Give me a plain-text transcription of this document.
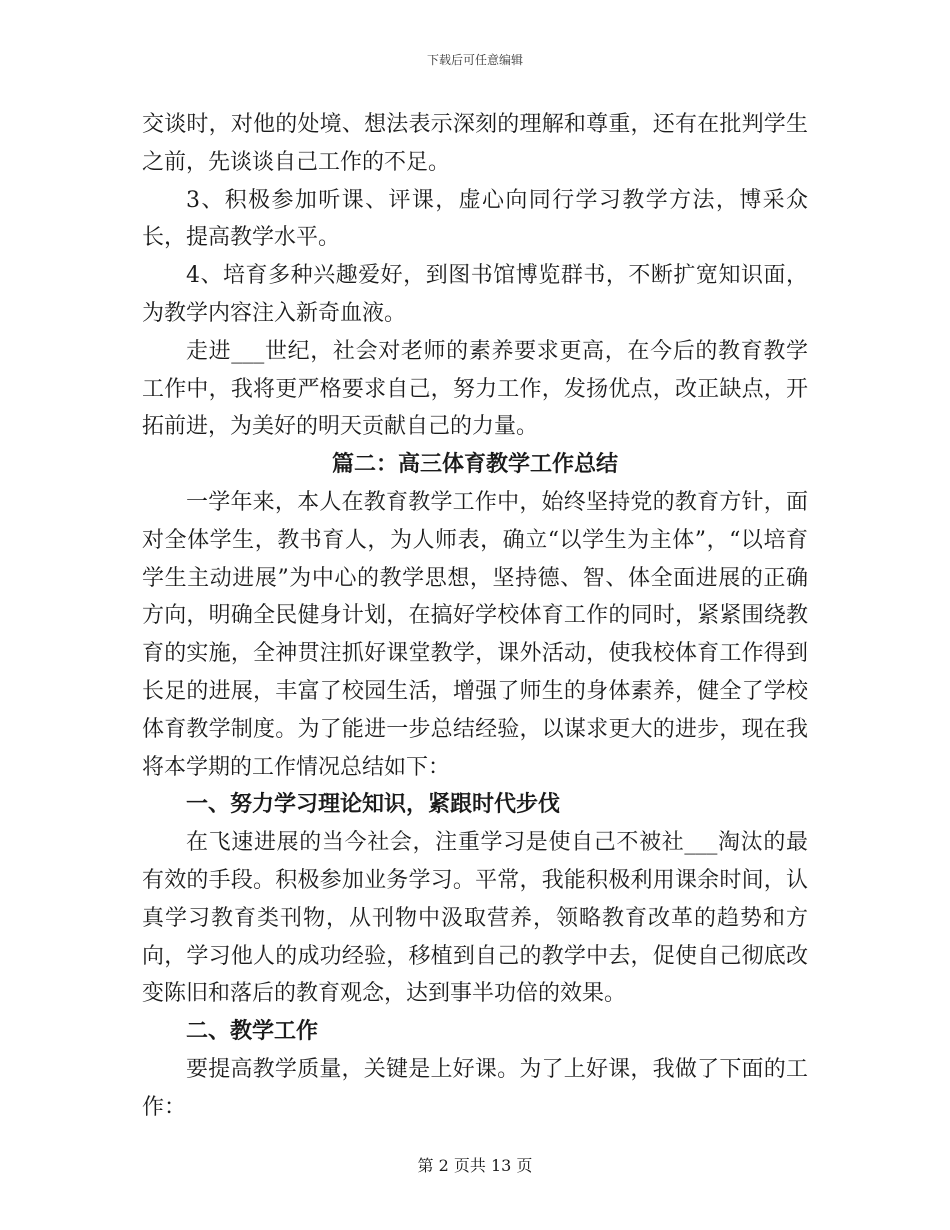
下载后可任意编辑

交谈时，对他的处境、想法表示深刻的理解和尊重，还有在批判学生之前，先谈谈自己工作的不足。

3、积极参加听课、评课，虚心向同行学习教学方法，博采众长，提高教学水平。

4、培育多种兴趣爱好，到图书馆博览群书，不断扩宽知识面，为教学内容注入新奇血液。

走进___世纪，社会对老师的素养要求更高，在今后的教育教学工作中，我将更严格要求自己，努力工作，发扬优点，改正缺点，开拓前进，为美好的明天贡献自己的力量。

篇二：高三体育教学工作总结

一学年来，本人在教育教学工作中，始终坚持党的教育方针，面对全体学生，教书育人，为人师表，确立“以学生为主体”，“以培育学生主动进展”为中心的教学思想，坚持德、智、体全面进展的正确方向，明确全民健身计划，在搞好学校体育工作的同时，紧紧围绕教育的实施，全神贯注抓好课堂教学，课外活动，使我校体育工作得到长足的进展，丰富了校园生活，增强了师生的身体素养，健全了学校体育教学制度。为了能进一步总结经验，以谋求更大的进步，现在我将本学期的工作情况总结如下：

一、努力学习理论知识，紧跟时代步伐

在飞速进展的当今社会，注重学习是使自己不被社___淘汰的最有效的手段。积极参加业务学习。平常，我能积极利用课余时间，认真学习教育类刊物，从刊物中汲取营养，领略教育改革的趋势和方向，学习他人的成功经验，移植到自己的教学中去，促使自己彻底改变陈旧和落后的教育观念，达到事半功倍的效果。

二、教学工作

要提高教学质量，关键是上好课。为了上好课，我做了下面的工作：

第 2 页共 13 页
